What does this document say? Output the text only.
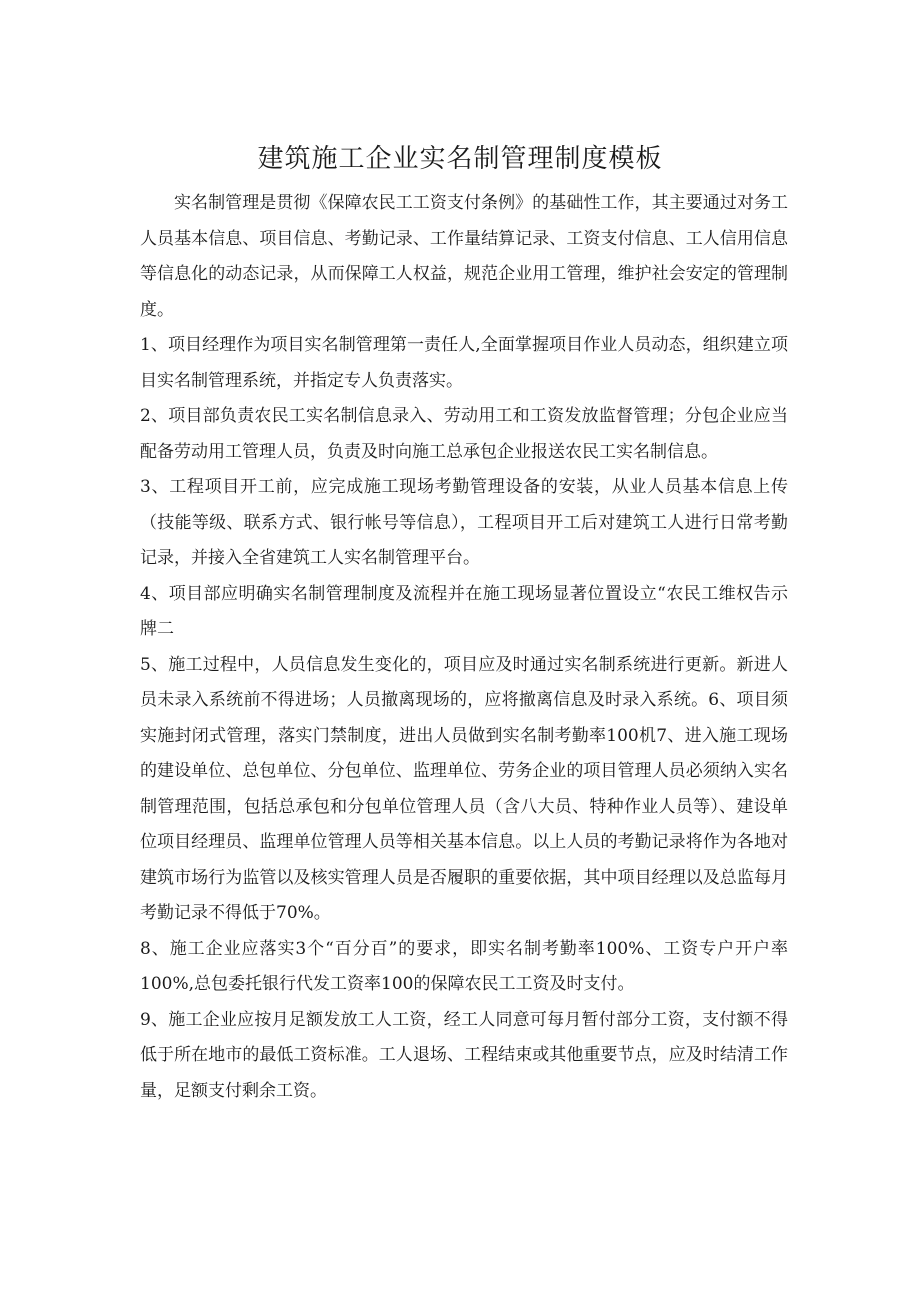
建筑施工企业实名制管理制度模板

实名制管理是贯彻《保障农民工工资支付条例》的基础性工作，其主要通过对务工人员基本信息、项目信息、考勤记录、工作量结算记录、工资支付信息、工人信用信息等信息化的动态记录，从而保障工人权益，规范企业用工管理，维护社会安定的管理制度。

1、项目经理作为项目实名制管理第一责任人,全面掌握项目作业人员动态，组织建立项目实名制管理系统，并指定专人负责落实。

2、项目部负责农民工实名制信息录入、劳动用工和工资发放监督管理；分包企业应当配备劳动用工管理人员，负责及时向施工总承包企业报送农民工实名制信息。

3、工程项目开工前，应完成施工现场考勤管理设备的安装，从业人员基本信息上传（技能等级、联系方式、银行帐号等信息），工程项目开工后对建筑工人进行日常考勤记录，并接入全省建筑工人实名制管理平台。

4、项目部应明确实名制管理制度及流程并在施工现场显著位置设立“农民工维权告示牌二

5、施工过程中，人员信息发生变化的，项目应及时通过实名制系统进行更新。新进人员未录入系统前不得进场；人员撤离现场的，应将撤离信息及时录入系统。6、项目须实施封闭式管理，落实门禁制度，进出人员做到实名制考勤率100机7、进入施工现场的建设单位、总包单位、分包单位、监理单位、劳务企业的项目管理人员必须纳入实名制管理范围，包括总承包和分包单位管理人员（含八大员、特种作业人员等）、建设单位项目经理员、监理单位管理人员等相关基本信息。以上人员的考勤记录将作为各地对建筑市场行为监管以及核实管理人员是否履职的重要依据，其中项目经理以及总监每月考勤记录不得低于70%。

8、施工企业应落实3个“百分百”的要求，即实名制考勤率100%、工资专户开户率100%,总包委托银行代发工资率100的保障农民工工资及时支付。

9、施工企业应按月足额发放工人工资，经工人同意可每月暂付部分工资，支付额不得低于所在地市的最低工资标准。工人退场、工程结束或其他重要节点，应及时结清工作量，足额支付剩余工资。
